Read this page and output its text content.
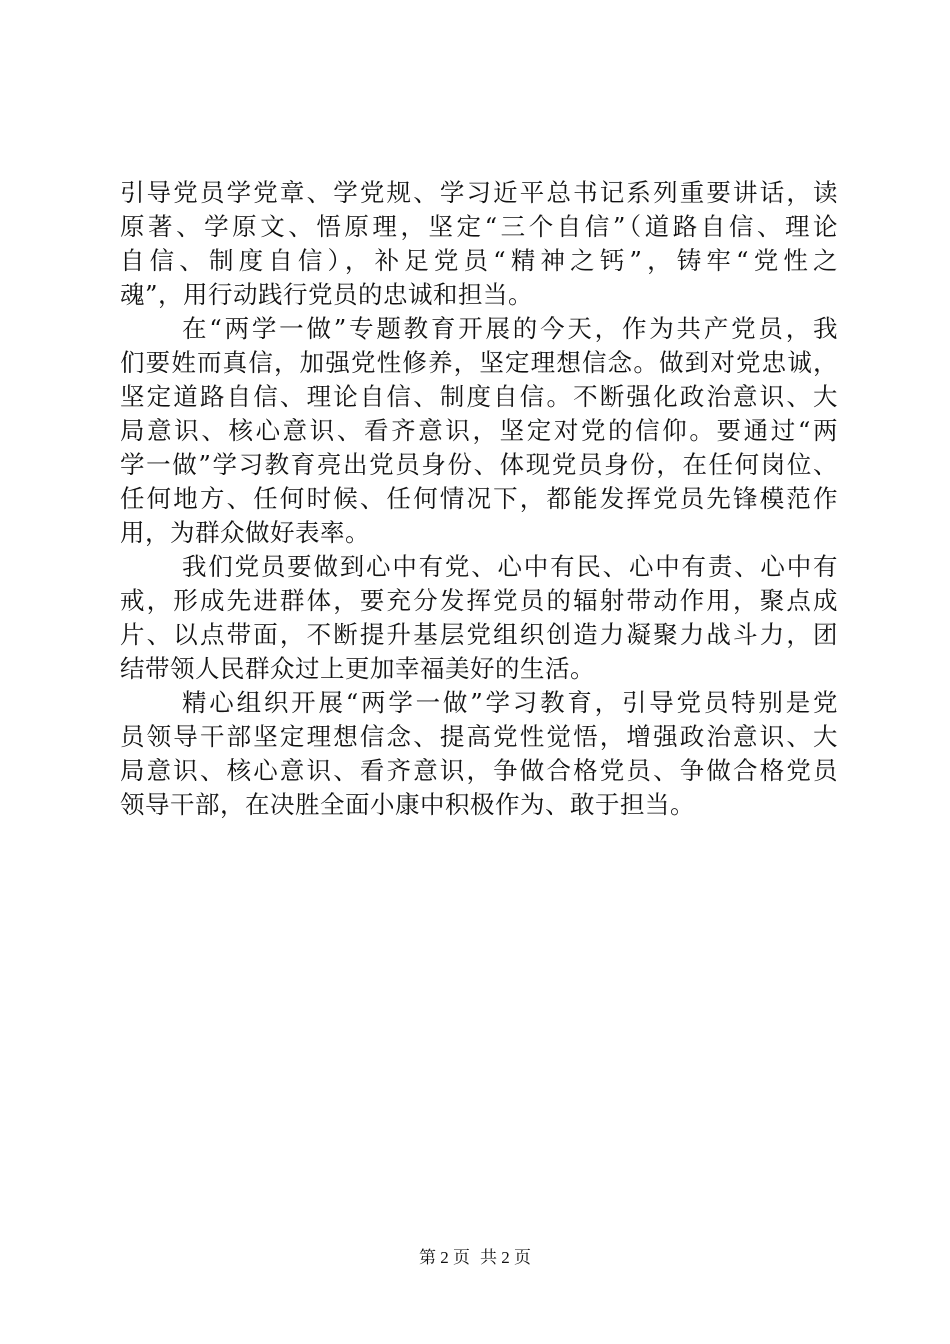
引导党员学党章、学党规、学习近平总书记系列重要讲话，读
原著、学原文、悟原理，坚定“三个自信”（道路自信、理论
自信、制度自信），补足党员“精神之钙”，铸牢“党性之
魂”，用行动践行党员的忠诚和担当。
在“两学一做”专题教育开展的今天，作为共产党员，我
们要姓而真信，加强党性修养，坚定理想信念。做到对党忠诚，
坚定道路自信、理论自信、制度自信。不断强化政治意识、大
局意识、核心意识、看齐意识，坚定对党的信仰。要通过“两
学一做”学习教育亮出党员身份、体现党员身份，在任何岗位、
任何地方、任何时候、任何情况下，都能发挥党员先锋模范作
用，为群众做好表率。
我们党员要做到心中有党、心中有民、心中有责、心中有
戒，形成先进群体，要充分发挥党员的辐射带动作用，聚点成
片、以点带面，不断提升基层党组织创造力凝聚力战斗力，团
结带领人民群众过上更加幸福美好的生活。
精心组织开展“两学一做”学习教育，引导党员特别是党
员领导干部坚定理想信念、提高党性觉悟，增强政治意识、大
局意识、核心意识、看齐意识，争做合格党员、争做合格党员
领导干部，在决胜全面小康中积极作为、敢于担当。
第 2 页 共 2 页
